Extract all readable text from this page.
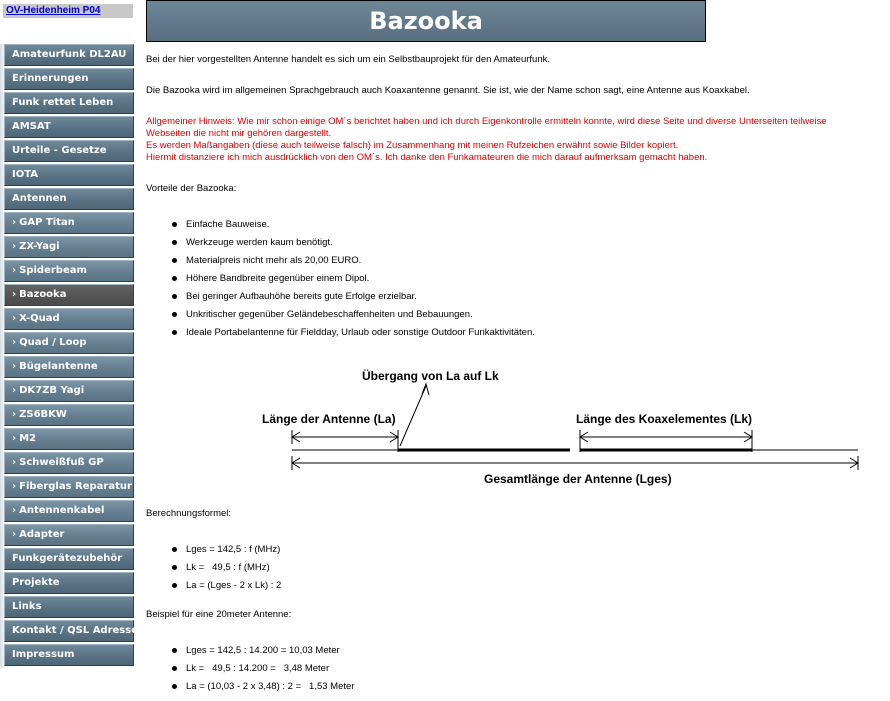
OV-Heidenheim P04
Amateurfunk DL2AU
Erinnerungen
Funk rettet Leben
AMSAT
Urteile - Gesetze
IOTA
Antennen
› GAP Titan
› ZX-Yagi
› Spiderbeam
› Bazooka
› X-Quad
› Quad / Loop
› Bügelantenne
› DK7ZB Yagi
› ZS6BKW
› M2
› Schweißfuß GP
› Fiberglas Reparatur
› Antennenkabel
› Adapter
Funkgerätezubehör
Projekte
Links
Kontakt / QSL Adresse
Impressum
Bazooka
Bei der hier vorgestellten Antenne handelt es sich um ein Selbstbauprojekt für den Amateurfunk.
Die Bazooka wird im allgemeinen Sprachgebrauch auch Koaxantenne genannt. Sie ist, wie der Name schon sagt, eine Antenne aus Koaxkabel.
Allgemeiner Hinweis: Wie mir schon einige OM´s berichtet haben und ich durch Eigenkontrolle ermitteln konnte, wird diese Seite und diverse Unterseiten teilweise
Webseiten die nicht mir gehören dargestellt.
Es werden Maßangaben (diese auch teilweise falsch) im Zusammenhang mit meinen Rufzeichen erwähnt sowie Bilder kopiert.
Hiermit distanziere ich mich ausdrücklich von den OM´s. Ich danke den Funkamateuren die mich darauf aufmerksam gemacht haben.
Vorteile der Bazooka:
Einfache Bauweise.
Werkzeuge werden kaum benötigt.
Materialpreis nicht mehr als 20,00 EURO.
Höhere Bandbreite gegenüber einem Dipol.
Bei geringer Aufbauhöhe bereits gute Erfolge erzielbar.
Unkritischer gegenüber Geländebeschaffenheiten und Bebauungen.
Ideale Portabelantenne für Fieldday, Urlaub oder sonstige Outdoor Funkaktivitäten.
Berechnungsformel:
Lges = 142,5 : f (MHz)
Lk =   49,5 : f (MHz)
La = (Lges - 2 x Lk) : 2
Beispiel für eine 20meter Antenne:
Lges = 142,5 : 14.200 = 10,03 Meter
Lk =   49,5 : 14.200 =   3,48 Meter
La = (10,03 - 2 x 3,48) : 2 =   1,53 Meter
Übergang von La auf Lk
Länge der Antenne (La)	Länge des Koaxelementes (Lk)
Gesamtlänge der Antenne (Lges)
